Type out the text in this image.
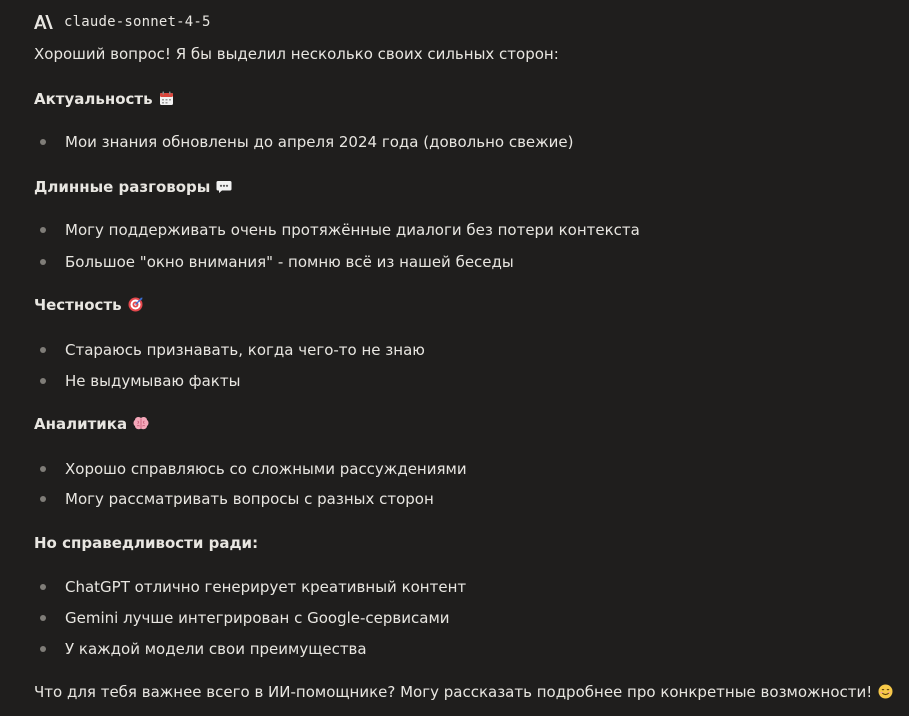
claude-sonnet-4-5
Хороший вопрос! Я бы выделил несколько своих сильных сторон:
Актуальность
Мои знания обновлены до апреля 2024 года (довольно свежие)
Длинные разговоры
Могу поддерживать очень протяжённые диалоги без потери контекста
Большое "окно внимания" - помню всё из нашей беседы
Честность
Стараюсь признавать, когда чего-то не знаю
Не выдумываю факты
Аналитика
Хорошо справляюсь со сложными рассуждениями
Могу рассматривать вопросы с разных сторон
Но справедливости ради:
ChatGPT отлично генерирует креативный контент
Gemini лучше интегрирован с Google-сервисами
У каждой модели свои преимущества
Что для тебя важнее всего в ИИ-помощнике? Могу рассказать подробнее про конкретные возможности!
